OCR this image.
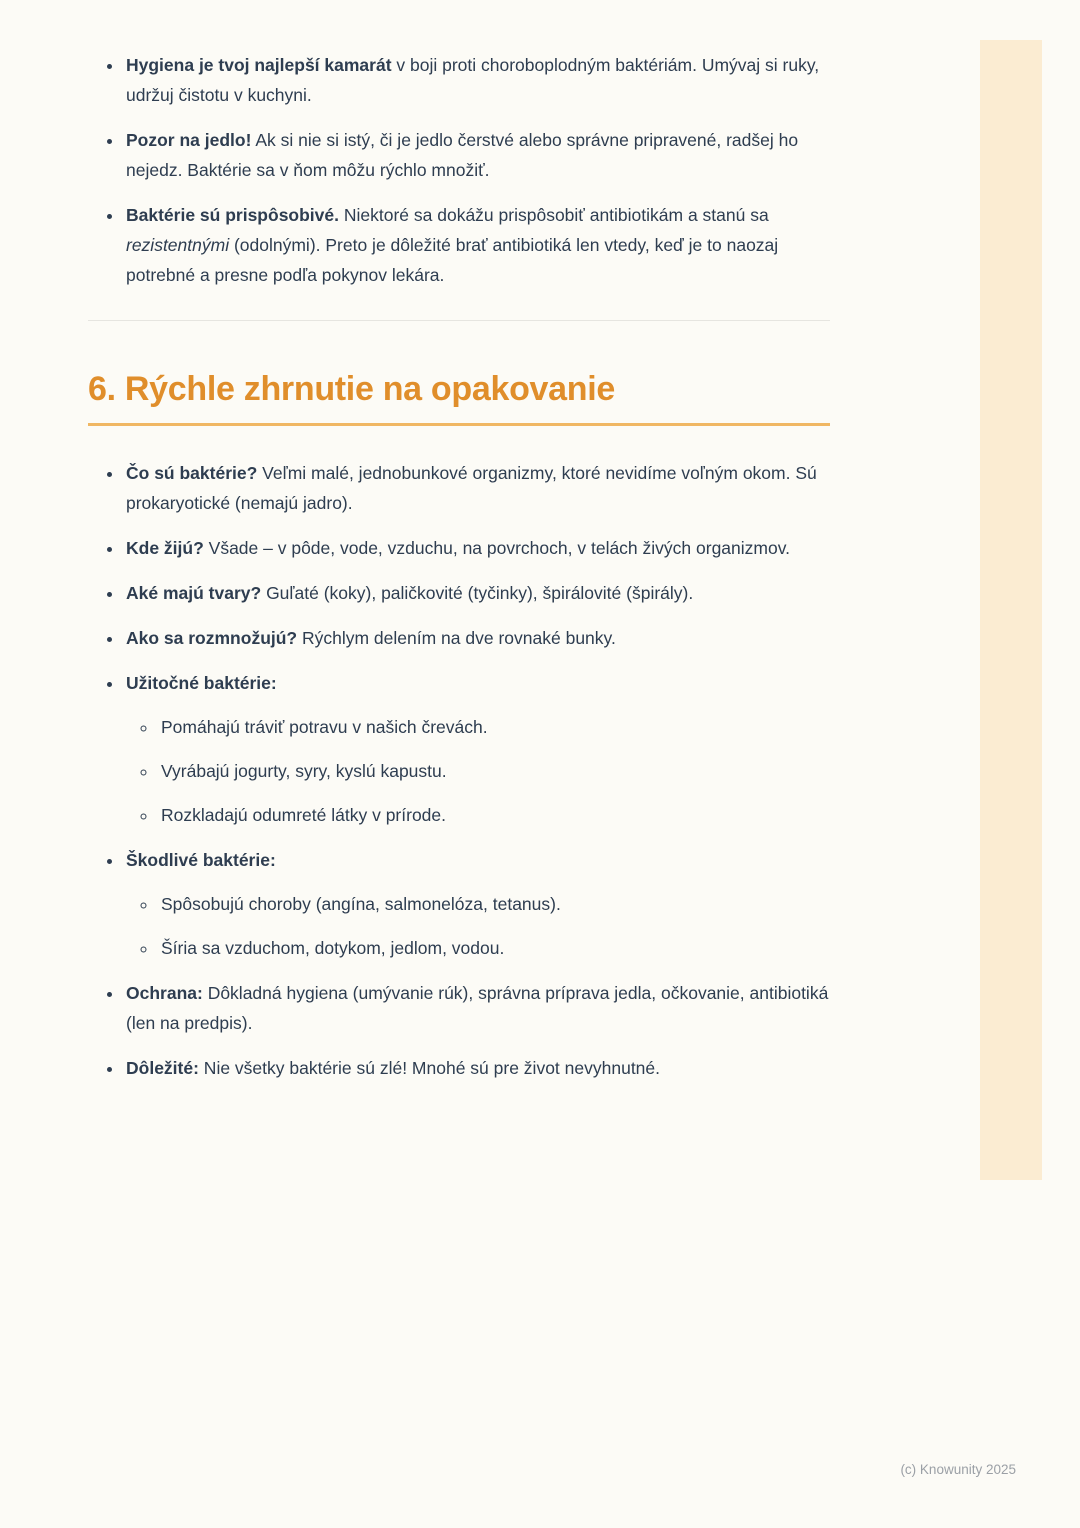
• Hygiena je tvoj najlepší kamarát v boji proti choroboplodným baktériám. Umývaj si ruky, udržuj čistotu v kuchyni.
• Pozor na jedlo! Ak si nie si istý, či je jedlo čerstvé alebo správne pripravené, radšej ho nejedz. Baktérie sa v ňom môžu rýchlo množiť.
• Baktérie sú prispôsobivé. Niektoré sa dokážu prispôsobiť antibiotikám a stanú sa rezistentnými (odolnými). Preto je dôležité brať antibiotiká len vtedy, keď je to naozaj potrebné a presne podľa pokynov lekára.
6. Rýchle zhrnutie na opakovanie
• Čo sú baktérie? Veľmi malé, jednobunkové organizmy, ktoré nevidíme voľným okom. Sú prokaryotické (nemajú jadro).
• Kde žijú? Všade – v pôde, vode, vzduchu, na povrchoch, v telách živých organizmov.
• Aké majú tvary? Guľaté (koky), paličkovité (tyčinky), špirálovité (špirály).
• Ako sa rozmnožujú? Rýchlym delením na dve rovnaké bunky.
• Užitočné baktérie:
◦ Pomáhajú tráviť potravu v našich črevách.
◦ Vyrábajú jogurty, syry, kyslú kapustu.
◦ Rozkladajú odumreté látky v prírode.
• Škodlivé baktérie:
◦ Spôsobujú choroby (angína, salmonelóza, tetanus).
◦ Šíria sa vzduchom, dotykom, jedlom, vodou.
• Ochrana: Dôkladná hygiena (umývanie rúk), správna príprava jedla, očkovanie, antibiotiká (len na predpis).
• Dôležité: Nie všetky baktérie sú zlé! Mnohé sú pre život nevyhnutné.
(c) Knowunity 2025
